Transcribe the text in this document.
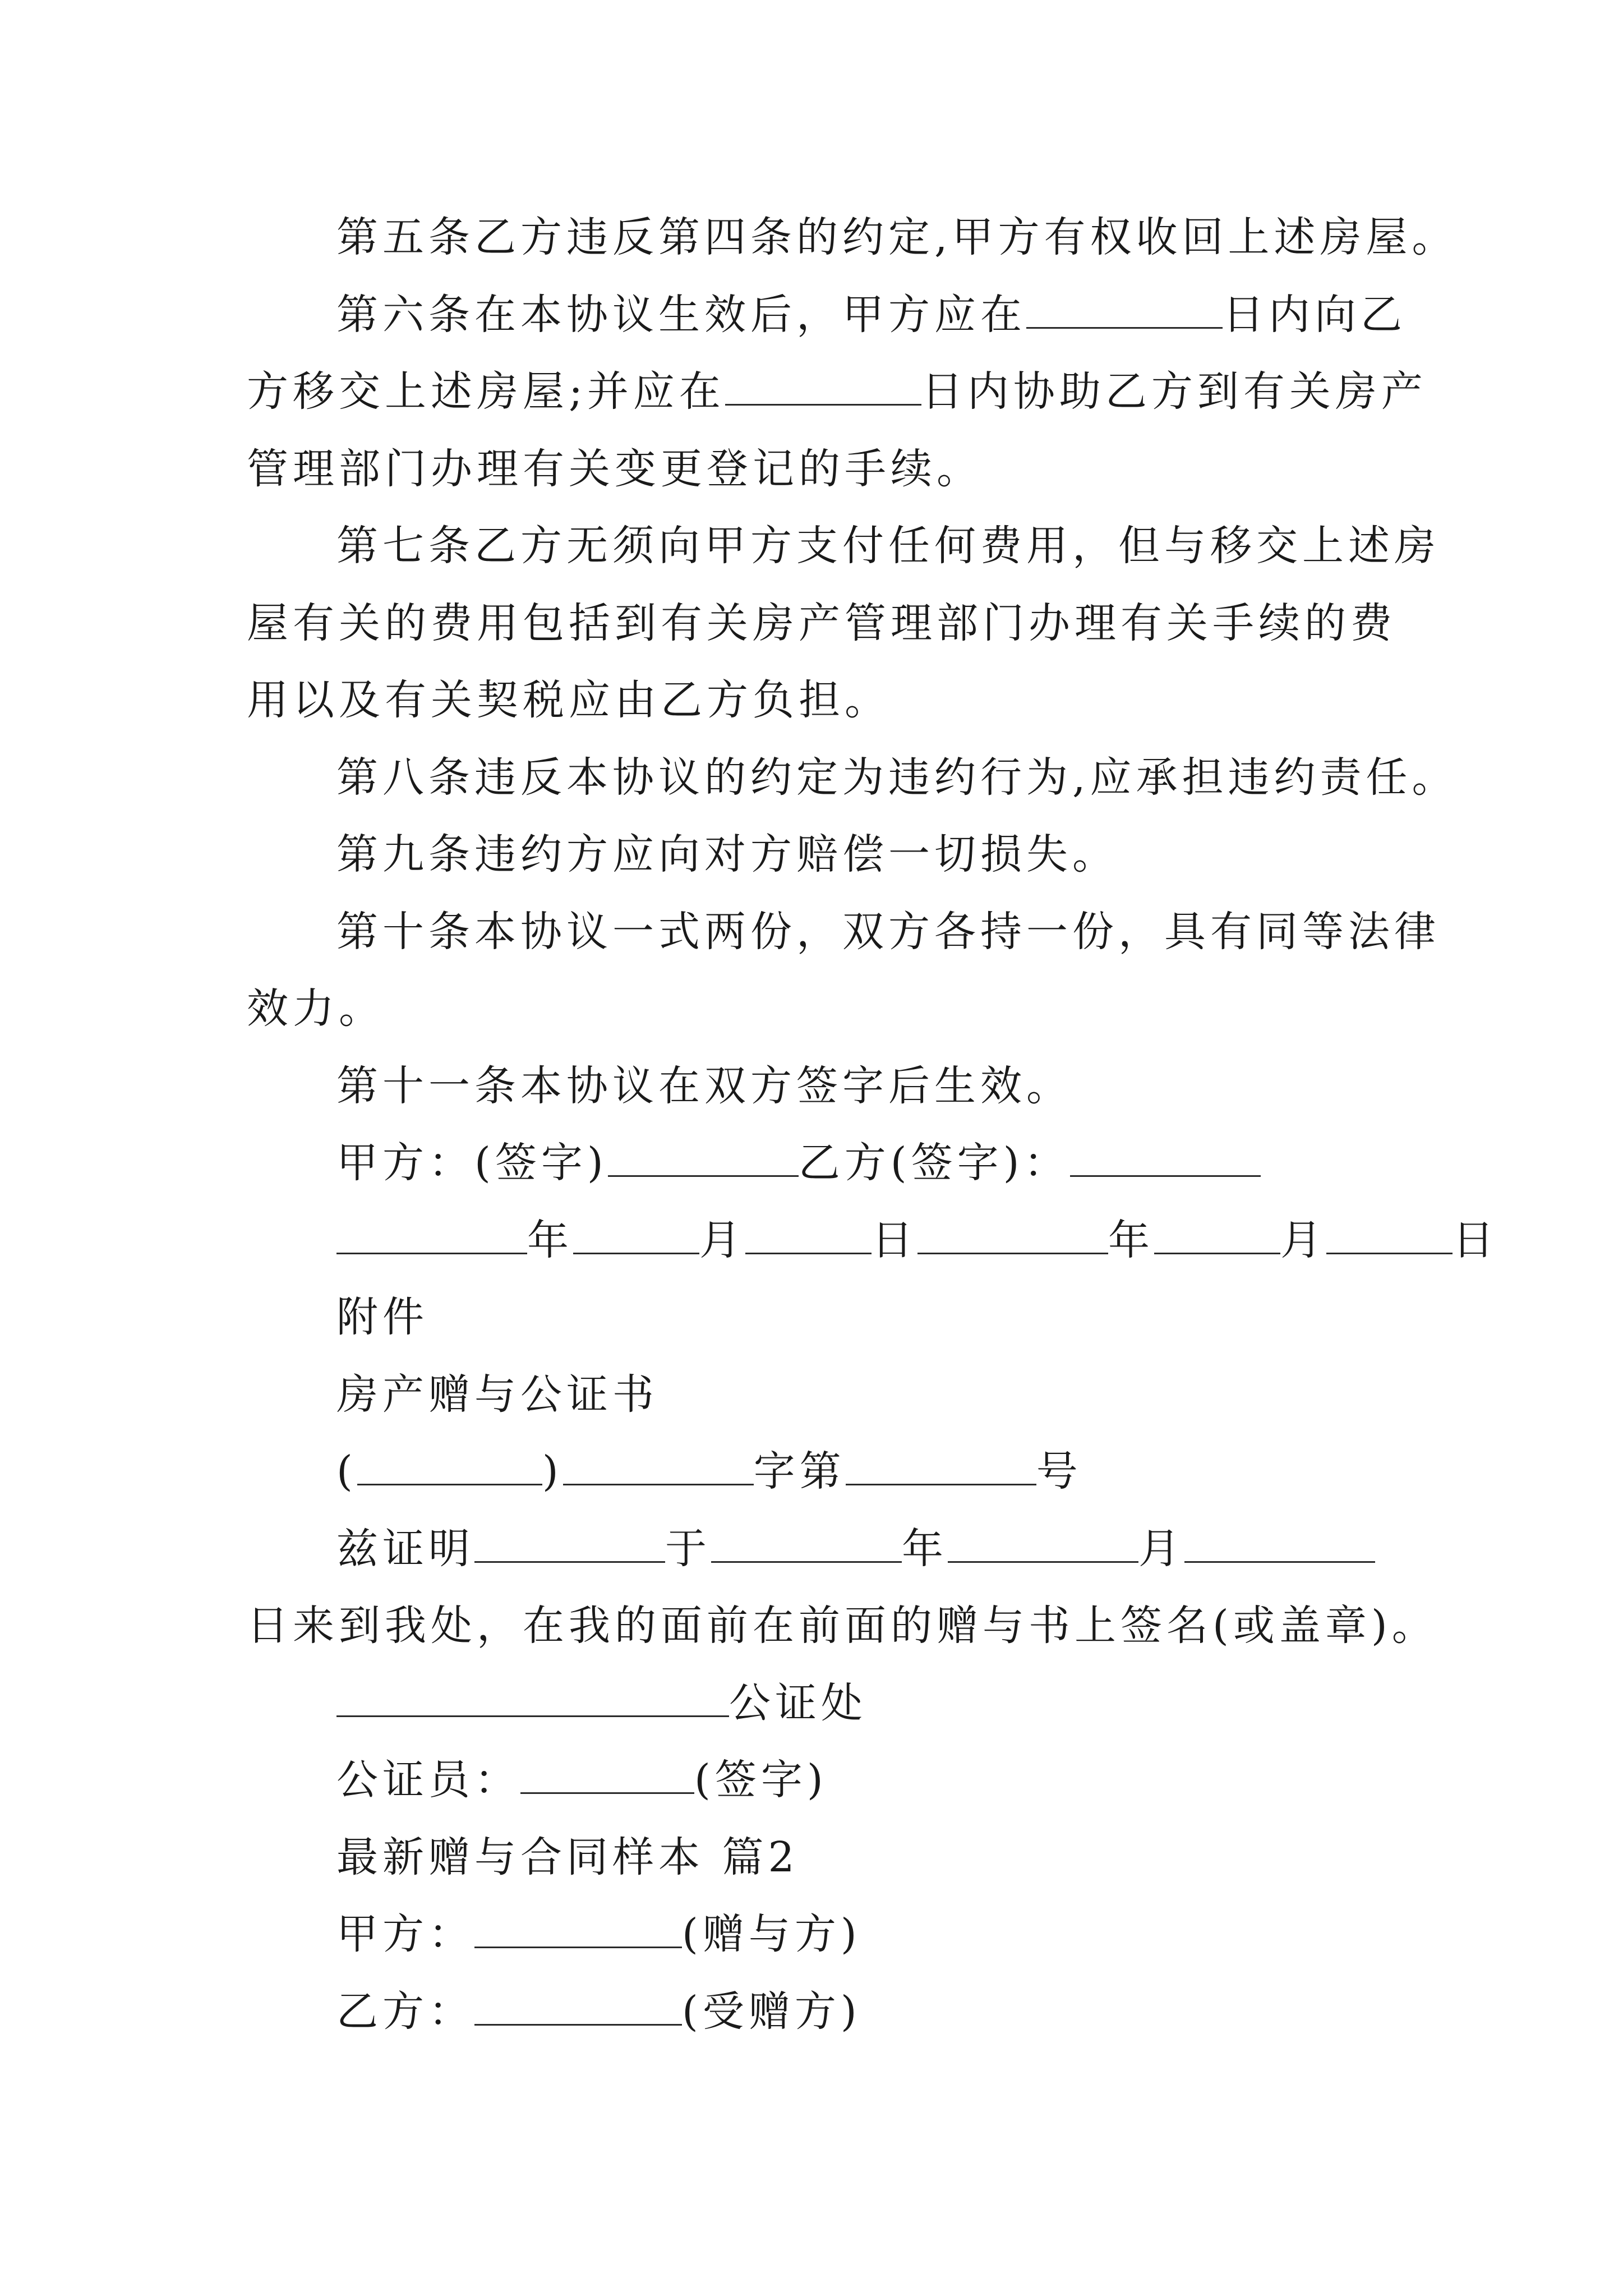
第五条乙方违反第四条的约定,甲方有权收回上述房屋。
第六条在本协议生效后，甲方应在	日内向乙
方移交上述房屋;并应在	日内协助乙方到有关房产
管理部门办理有关变更登记的手续。
第七条乙方无须向甲方支付任何费用，但与移交上述房
屋有关的费用包括到有关房产管理部门办理有关手续的费
用以及有关契税应由乙方负担。
第八条违反本协议的约定为违约行为,应承担违约责任。
第九条违约方应向对方赔偿一切损失。
第十条本协议一式两份，双方各持一份，具有同等法律
效力。
第十一条本协议在双方签字后生效。
甲方：(签字)	乙方(签字)：
年	月	日	年	月	日
附件
房产赠与公证书
(	)	字第	号
兹证明	于	年	月
日来到我处，在我的面前在前面的赠与书上签名(或盖章)。
公证处
公证员：	(签字)
最新赠与合同样本 篇2
甲方：	(赠与方)
乙方：	(受赠方)
